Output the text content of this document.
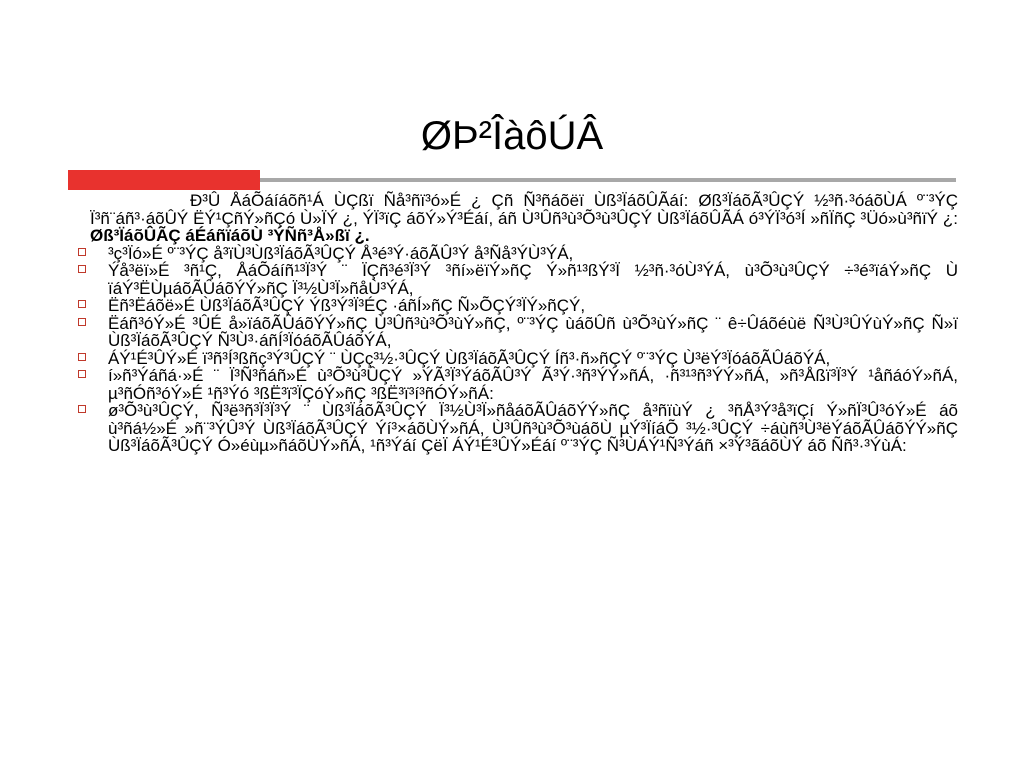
ØÞ²ÎàôÚÂ

Ð³Û ÅáÕáíáõñ¹Á ÙÇßï Ñå³ñï³ó»É ¿ Çñ Ñ³ñáõëï Ùß³ÏáõÛÃáí: Øß³ÏáõÃ³ÛÇÝ ½³ñ·³óáõÙÁ º¨³ÝÇ Ï³ñ¨áñ³·áõÛÝ ËÝ¹ÇñÝ»ñÇó Ù»ÏÝ ¿, ÝÏ³ïÇ áõÝ»Ý³Éáí, áñ Ù³Ûñ³ù³Õ³ù³ÛÇÝ Ùß³ÏáõÛÃÁ ó³ÝÏ³ó³Í »ñÏñÇ ³Üó»ù³ñïÝ ¿: Øß³ÏáõÛÃÇ áÉáñïáõÙ ³ÝÑñ³Å»ßï ¿.

³ç³Ïó»É º¨³ÝÇ å³ïÙ³Ùß³ÏáõÃ³ÛÇÝ Å³é³Ý·áõÃÛ³Ý å³Ñå³ÝÙ³ÝÁ,
Ýå³ëï»É ³ñ¹Ç, ÅáÕáíñ¹³Ï³Ý ¨ ÏÇñ³é³Ï³Ý ³ñí»ëïÝ»ñÇ Ý»ñ¹³ßÝ³Ï ½³ñ·³óÙ³ÝÁ, ù³Õ³ù³ÛÇÝ ÷³é³ïáÝ»ñÇ Ù ïáÝ³ËÙµáõÃÛáõÝÝ»ñÇ Ï³½Ù³Ï»ñåÙ³ÝÁ,
Ëñ³Ëáõë»É Ùß³ÏáõÃ³ÛÇÝ Ýß³Ý³Ï³ÉÇ ·áñÍ»ñÇ Ñ»ÕÇÝ³ÏÝ»ñÇÝ,
Ëáñ³óÝ»É ³ÛÉ å»ïáõÃÛáõÝÝ»ñÇ Ù³Ûñ³ù³Õ³ùÝ»ñÇ, º¨³ÝÇ ùáõÛñ ù³Õ³ùÝ»ñÇ ¨ ê÷Ûáõéùë Ñ³Ù³ÛÝùÝ»ñÇ Ñ»ï Ùß³ÏáõÃ³ÛÇÝ Ñ³Ù³·áñÍ³ÏóáõÃÛáõÝÁ,
ÁÝ¹É³ÛÝ»É ï³ñ³Í³ßñç³Ý³ÛÇÝ ¨ ÙÇç³½·³ÛÇÝ Ùß³ÏáõÃ³ÛÇÝ Íñ³·ñ»ñÇÝ º¨³ÝÇ Ù³ëÝ³ÏóáõÃÛáõÝÁ,
í»ñ³Ýáñá·»É ¨ Ï³Ñ³ñáñ»É ù³Õ³ù³ÛÇÝ »ÝÃ³Ï³ÝáõÃÛ³Ý Ã³Ý·³ñ³ÝÝ»ñÁ, ·ñ³¹³ñ³ÝÝ»ñÁ, »ñ³Åßï³Ï³Ý ¹åñáóÝ»ñÁ, µ³ñÓñ³óÝ»É ¹ñ³Ýó ³ßË³ï³ÏÇóÝ»ñÇ ³ßË³ï³í³ñÓÝ»ñÁ:
ø³Õ³ù³ÛÇÝ, Ñ³ë³ñ³Ï³Ï³Ý ¨ Ùß³ÏáõÃ³ÛÇÝ Ï³½Ù³Ï»ñåáõÃÛáõÝÝ»ñÇ å³ñïùÝ ¿ ³ñÅ³Ý³å³ïÇí Ý»ñÏ³Û³óÝ»É áõ ù³ñá½»É »ñ¨³ÝÛ³Ý Ùß³ÏáõÃ³ÛÇÝ Ýí³×áõÙÝ»ñÁ, Ù³Ûñ³ù³Õ³ùáõÙ µÝ³ÏíáÕ ³½·³ÛÇÝ ÷áùñ³Ù³ëÝáõÃÛáõÝÝ»ñÇ Ùß³ÏáõÃ³ÛÇÝ Ó»éùµ»ñáõÙÝ»ñÁ, ¹ñ³Ýáí ÇëÏ ÁÝ¹É³ÛÝ»Éáí º¨³ÝÇ Ñ³ÙÁÝ¹Ñ³Ýáñ ×³Ý³ãáõÙÝ áõ Ññ³·³ÝùÁ:
